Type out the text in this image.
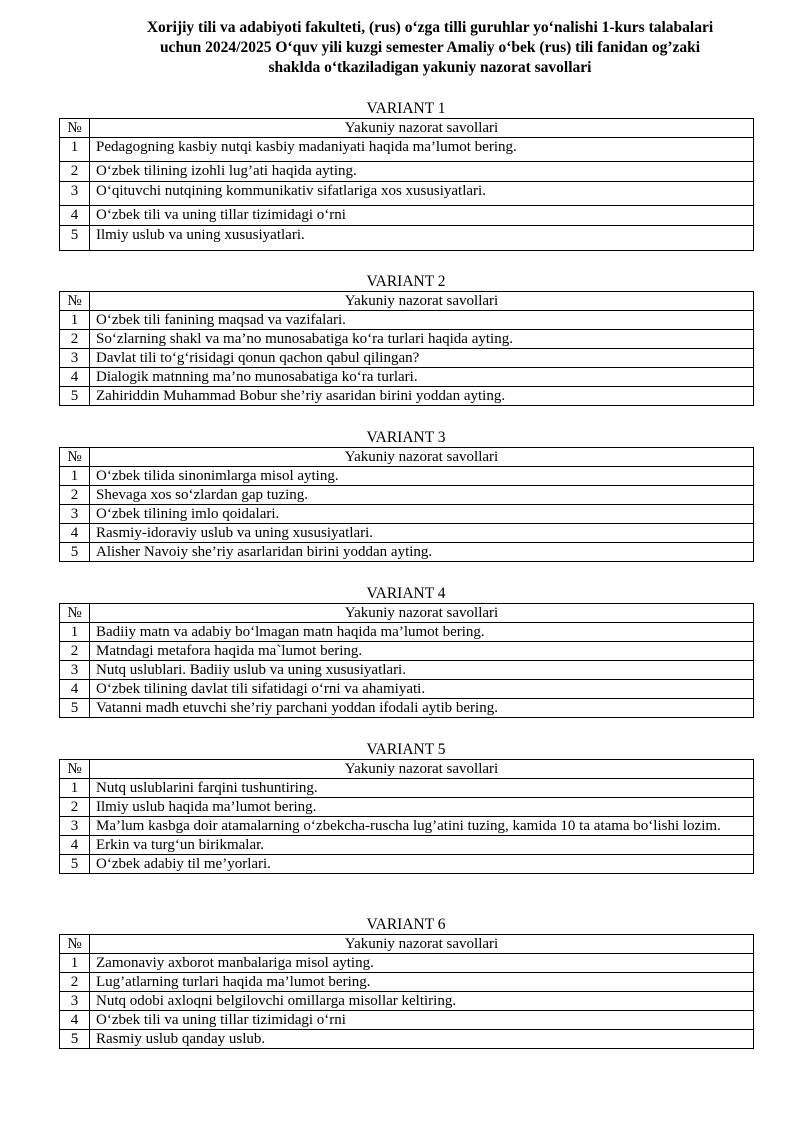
Xorijiy tili va adabiyoti fakulteti, (rus) o‘zga tilli guruhlar yo‘nalishi 1-kurs talabalari
uchun 2024/2025 O‘quv yili kuzgi semester Amaliy o‘bek (rus) tili fanidan og’zaki
shaklda o‘tkaziladigan yakuniy nazorat savollari
VARIANT 1
№	Yakuniy nazorat savollari
1	Pedagogning kasbiy nutqi kasbiy madaniyati haqida ma’lumot bering.
2	O‘zbek tilining izohli lug’ati haqida ayting.
3	O‘qituvchi nutqining kommunikativ sifatlariga xos xususiyatlari.
4	O‘zbek tili va uning tillar tizimidagi o‘rni
5	Ilmiy uslub va uning xususiyatlari.
VARIANT 2
№	Yakuniy nazorat savollari
1	O‘zbek tili fanining maqsad va vazifalari.
2	So‘zlarning shakl va ma’no munosabatiga ko‘ra turlari haqida ayting.
3	Davlat tili to‘g‘risidagi qonun qachon qabul qilingan?
4	Dialogik matnning ma’no munosabatiga ko‘ra turlari.
5	Zahiriddin Muhammad Bobur she’riy asaridan birini yoddan ayting.
VARIANT 3
№	Yakuniy nazorat savollari
1	O‘zbek tilida sinonimlarga misol ayting.
2	Shevaga xos so‘zlardan gap tuzing.
3	O‘zbek tilining imlo qoidalari.
4	Rasmiy-idoraviy uslub va uning xususiyatlari.
5	Alisher Navoiy she’riy asarlaridan birini yoddan ayting.
VARIANT 4
№	Yakuniy nazorat savollari
1	Badiiy matn va adabiy bo‘lmagan matn haqida ma’lumot bering.
2	Matndagi metafora haqida ma`lumot bering.
3	Nutq uslublari. Badiiy uslub va uning xususiyatlari.
4	O‘zbek tilining davlat tili sifatidagi o‘rni va ahamiyati.
5	Vatanni madh etuvchi she’riy parchani yoddan ifodali aytib bering.
VARIANT 5
№	Yakuniy nazorat savollari
1	Nutq uslublarini farqini tushuntiring.
2	Ilmiy uslub haqida ma’lumot bering.
3	Ma’lum kasbga doir atamalarning o‘zbekcha-ruscha lug’atini tuzing, kamida 10 ta atama bo‘lishi lozim.
4	Erkin va turg‘un birikmalar.
5	O‘zbek adabiy til me’yorlari.
VARIANT 6
№	Yakuniy nazorat savollari
1	Zamonaviy axborot manbalariga misol ayting.
2	Lug’atlarning turlari haqida ma’lumot bering.
3	Nutq odobi axloqni belgilovchi omillarga misollar keltiring.
4	O‘zbek tili va uning tillar tizimidagi o‘rni
5	Rasmiy uslub qanday uslub.
